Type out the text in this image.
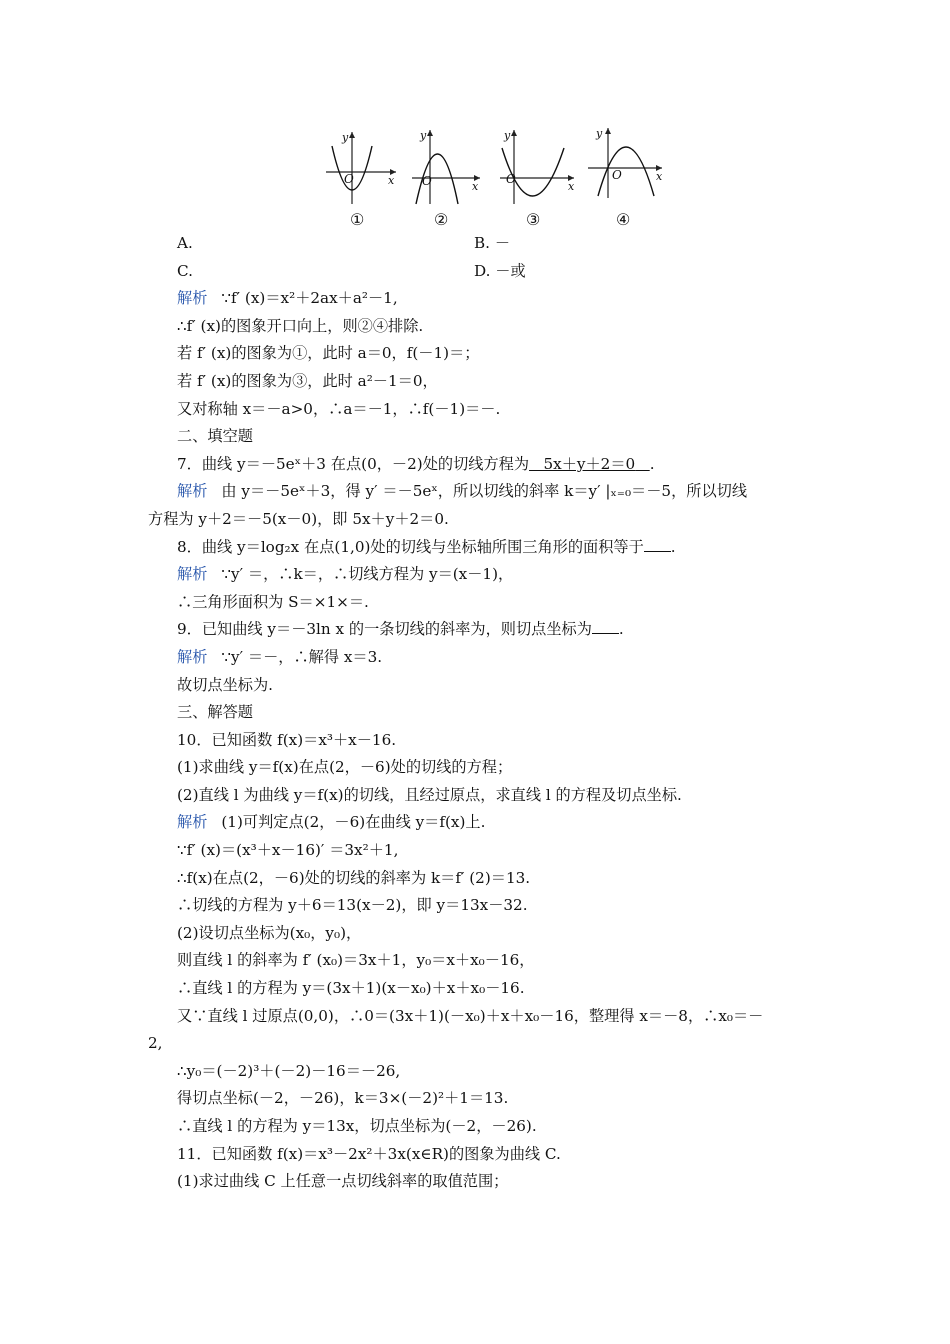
y
x
O
①
y
x
O
②
y
x
O
③
y
x
O
④
A.	B. －
C.	D. －或
解析 ∵f′ (x)＝x²＋2ax＋a²－1,
∴f′ (x)的图象开口向上，则②④排除.
若 f′ (x)的图象为①，此时 a＝0，f(－1)＝；
若 f′ (x)的图象为③，此时 a²－1＝0，
又对称轴 x＝－a>0，∴a＝－1，∴f(－1)＝－.
二、填空题
7．曲线 y＝－5eˣ＋3 在点(0，－2)处的切线方程为 5x＋y＋2＝0 .
解析 由 y＝－5eˣ＋3，得 y′ ＝－5eˣ，所以切线的斜率 k＝y′ |ₓ₌₀＝－5，所以切线
方程为 y＋2＝－5(x－0)，即 5x＋y＋2＝0.
8．曲线 y＝log₂x 在点(1,0)处的切线与坐标轴所围三角形的面积等于 .
解析 ∵y′ ＝，∴k＝，∴切线方程为 y＝(x－1)，
∴三角形面积为 S＝×1×＝.
9．已知曲线 y＝－3ln x 的一条切线的斜率为，则切点坐标为 .
解析 ∵y′ ＝－，∴解得 x＝3.
故切点坐标为.
三、解答题
10．已知函数 f(x)＝x³＋x－16.
(1)求曲线 y＝f(x)在点(2，－6)处的切线的方程；
(2)直线 l 为曲线 y＝f(x)的切线，且经过原点，求直线 l 的方程及切点坐标.
解析 (1)可判定点(2，－6)在曲线 y＝f(x)上.
∵f′ (x)＝(x³＋x－16)′ ＝3x²＋1,
∴f(x)在点(2，－6)处的切线的斜率为 k＝f′ (2)＝13.
∴切线的方程为 y＋6＝13(x－2)，即 y＝13x－32.
(2)设切点坐标为(x₀，y₀)，
则直线 l 的斜率为 f′ (x₀)＝3x＋1，y₀＝x＋x₀－16，
∴直线 l 的方程为 y＝(3x＋1)(x－x₀)＋x＋x₀－16.
又∵直线 l 过原点(0,0)，∴0＝(3x＋1)(－x₀)＋x＋x₀－16，整理得 x＝－8，∴x₀＝－
2,
∴y₀＝(－2)³＋(－2)－16＝－26,
得切点坐标(－2，－26)，k＝3×(－2)²＋1＝13.
∴直线 l 的方程为 y＝13x，切点坐标为(－2，－26).
11．已知函数 f(x)＝x³－2x²＋3x(x∈R)的图象为曲线 C.
(1)求过曲线 C 上任意一点切线斜率的取值范围；
